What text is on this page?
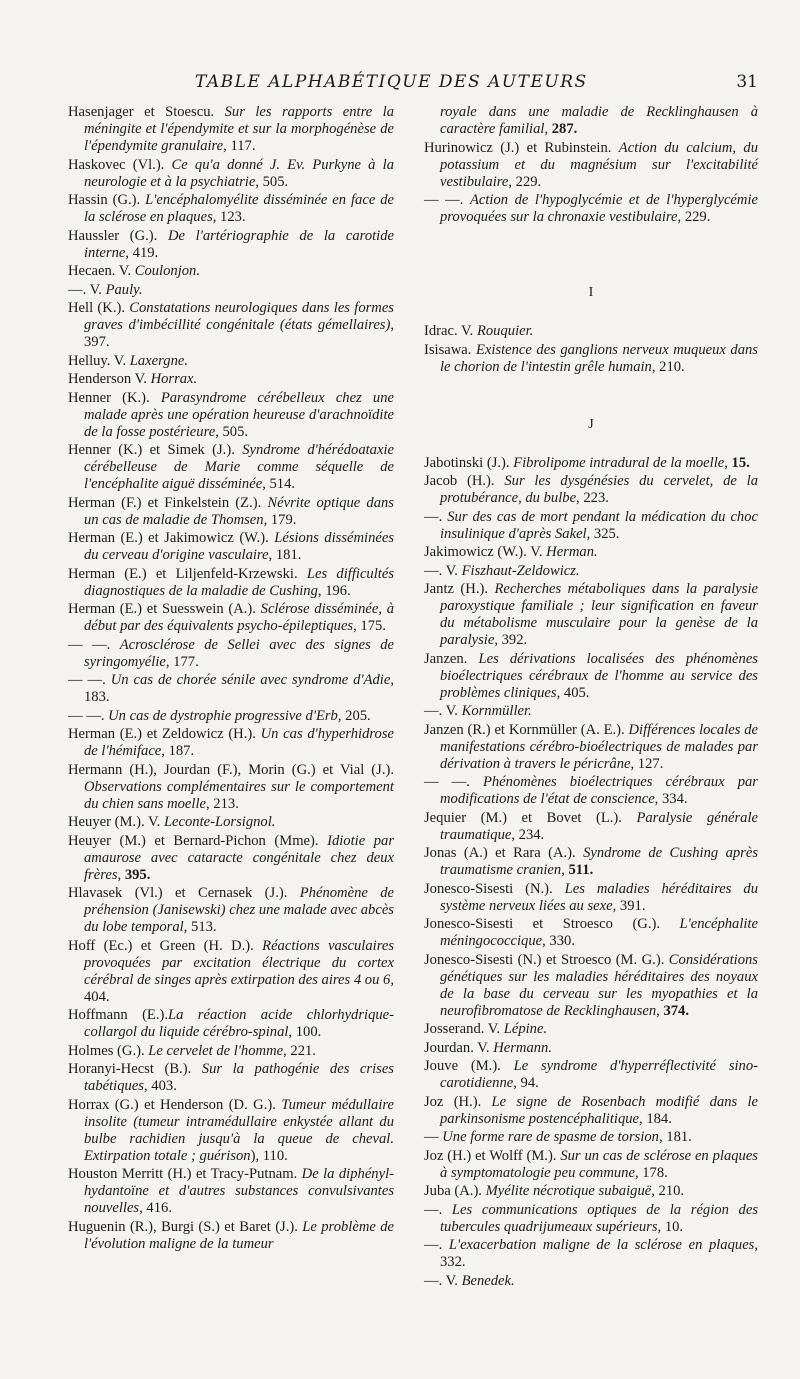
TABLE ALPHABÉTIQUE DES AUTEURS	31

Hasenjager et Stoescu. Sur les rapports entre la méningite et l'épendymite et sur la morphogénèse de l'épendymite granulaire, 117.

Haskovec (Vl.). Ce qu'a donné J. Ev. Purkyne à la neurologie et à la psychiatrie, 505.

Hassin (G.). L'encéphalomyélite disséminée en face de la sclérose en plaques, 123.

Haussler (G.). De l'artériographie de la carotide interne, 419.

Hecaen. V. Coulonjon.

—. V. Pauly.

Hell (K.). Constatations neurologiques dans les formes graves d'imbécillité congénitale (états gémellaires), 397.

Helluy. V. Laxergne.

Henderson V. Horrax.

Henner (K.). Parasyndrome cérébelleux chez une malade après une opération heureuse d'arachnoïdite de la fosse postérieure, 505.

Henner (K.) et Simek (J.). Syndrome d'hérédoataxie cérébelleuse de Marie comme séquelle de l'encéphalite aiguë disséminée, 514.

Herman (F.) et Finkelstein (Z.). Névrite optique dans un cas de maladie de Thomsen, 179.

Herman (E.) et Jakimowicz (W.). Lésions disséminées du cerveau d'origine vasculaire, 181.

Herman (E.) et Liljenfeld-Krzewski. Les difficultés diagnostiques de la maladie de Cushing, 196.

Herman (E.) et Suesswein (A.). Sclérose disséminée, à début par des équivalents psycho-épileptiques, 175.

— —. Acrosclérose de Sellei avec des signes de syringomyélie, 177.

— —. Un cas de chorée sénile avec syndrome d'Adie, 183.

— —. Un cas de dystrophie progressive d'Erb, 205.

Herman (E.) et Zeldowicz (H.). Un cas d'hyperhidrose de l'hémiface, 187.

Hermann (H.), Jourdan (F.), Morin (G.) et Vial (J.). Observations complémentaires sur le comportement du chien sans moelle, 213.

Heuyer (M.). V. Leconte-Lorsignol.

Heuyer (M.) et Bernard-Pichon (Mme). Idiotie par amaurose avec cataracte congénitale chez deux frères, 395.

Hlavasek (Vl.) et Cernasek (J.). Phénomène de préhension (Janisewski) chez une malade avec abcès du lobe temporal, 513.

Hoff (Ec.) et Green (H. D.). Réactions vasculaires provoquées par excitation électrique du cortex cérébral de singes après extirpation des aires 4 ou 6, 404.

Hoffmann (E.).La réaction acide chlorhydrique-collargol du liquide cérébro-spinal, 100.

Holmes (G.). Le cervelet de l'homme, 221.

Horanyi-Hecst (B.). Sur la pathogénie des crises tabétiques, 403.

Horrax (G.) et Henderson (D. G.). Tumeur médullaire insolite (tumeur intramédullaire enkystée allant du bulbe rachidien jusqu'à la queue de cheval. Extirpation totale ; guérison), 110.

Houston Merritt (H.) et Tracy-Putnam. De la diphényl-hydantoïne et d'autres substances convulsivantes nouvelles, 416.

Huguenin (R.), Burgi (S.) et Baret (J.). Le problème de l'évolution maligne de la tumeur

royale dans une maladie de Recklinghausen à caractère familial, 287.

Hurinowicz (J.) et Rubinstein. Action du calcium, du potassium et du magnésium sur l'excitabilité vestibulaire, 229.

— —. Action de l'hypoglycémie et de l'hyperglycémie provoquées sur la chronaxie vestibulaire, 229.

I

Idrac. V. Rouquier.

Isisawa. Existence des ganglions nerveux muqueux dans le chorion de l'intestin grêle humain, 210.

J

Jabotinski (J.). Fibrolipome intradural de la moelle, 15.

Jacob (H.). Sur les dysgénésies du cervelet, de la protubérance, du bulbe, 223.

—. Sur des cas de mort pendant la médication du choc insulinique d'après Sakel, 325.

Jakimowicz (W.). V. Herman.

—. V. Fiszhaut-Zeldowicz.

Jantz (H.). Recherches métaboliques dans la paralysie paroxystique familiale ; leur signification en faveur du métabolisme musculaire pour la genèse de la paralysie, 392.

Janzen. Les dérivations localisées des phénomènes bioélectriques cérébraux de l'homme au service des problèmes cliniques, 405.

—. V. Kornmüller.

Janzen (R.) et Kornmüller (A. E.). Différences locales de manifestations cérébro-bioélectriques de malades par dérivation à travers le péricrâne, 127.

— —. Phénomènes bioélectriques cérébraux par modifications de l'état de conscience, 334.

Jequier (M.) et Bovet (L.). Paralysie générale traumatique, 234.

Jonas (A.) et Rara (A.). Syndrome de Cushing après traumatisme cranien, 511.

Jonesco-Sisesti (N.). Les maladies héréditaires du système nerveux liées au sexe, 391.

Jonesco-Sisesti et Stroesco (G.). L'encéphalite méningococcique, 330.

Jonesco-Sisesti (N.) et Stroesco (M. G.). Considérations génétiques sur les maladies héréditaires des noyaux de la base du cerveau sur les myopathies et la neurofibromatose de Recklinghausen, 374.

Josserand. V. Lépine.

Jourdan. V. Hermann.

Jouve (M.). Le syndrome d'hyperréflectivité sino-carotidienne, 94.

Joz (H.). Le signe de Rosenbach modifié dans le parkinsonisme postencéphalitique, 184.

— Une forme rare de spasme de torsion, 181.

Joz (H.) et Wolff (M.). Sur un cas de sclérose en plaques à symptomatologie peu commune, 178.

Juba (A.). Myélite nécrotique subaiguë, 210.

—. Les communications optiques de la région des tubercules quadrijumeaux supérieurs, 10.

—. L'exacerbation maligne de la sclérose en plaques, 332.

—. V. Benedek.
